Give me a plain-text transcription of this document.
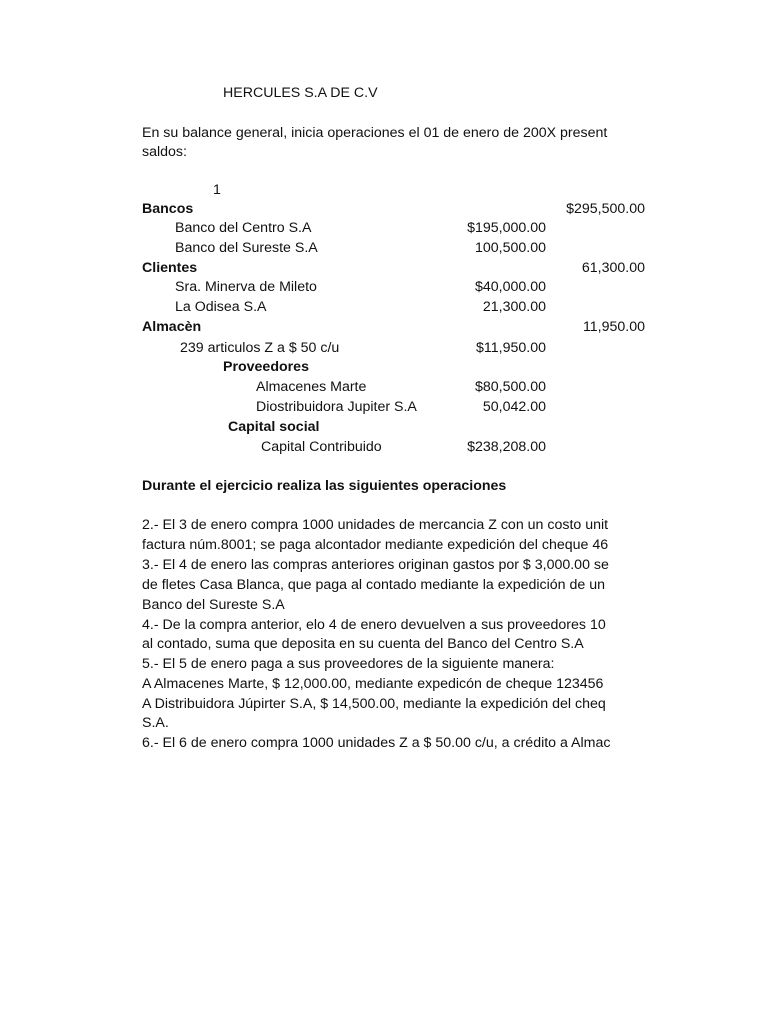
HERCULES S.A DE C.V
En su balance general, inicia operaciones el 01 de enero de 200X present
saldos:
1
Bancos	$295,500.00
Banco del Centro S.A	$195,000.00
Banco del Sureste S.A	100,500.00
Clientes	61,300.00
Sra. Minerva de Mileto	$40,000.00
La Odisea S.A	21,300.00
Almacèn	11,950.00
239 articulos Z a $ 50 c/u	$11,950.00
Proveedores
Almacenes Marte	$80,500.00
Diostribuidora Jupiter S.A	50,042.00
Capital social
Capital Contribuido	$238,208.00
Durante el ejercicio realiza las siguientes operaciones
2.- El 3 de enero compra 1000 unidades de mercancia Z con un costo unit
factura núm.8001; se paga alcontador mediante expedición del cheque 46
3.- El 4 de enero las compras anteriores originan gastos por $ 3,000.00 se
de fletes Casa Blanca, que paga al contado mediante la expedición de un
Banco del Sureste S.A
4.- De la compra anterior, elo 4 de enero devuelven a sus proveedores 10
al contado, suma que deposita en su cuenta del Banco del Centro S.A
5.- El 5 de enero paga a sus proveedores de la siguiente manera:
A Almacenes Marte, $ 12,000.00, mediante expedicón de cheque 123456
A Distribuidora Júpirter S.A, $ 14,500.00, mediante la expedición del cheq
S.A.
6.- El 6 de enero compra 1000 unidades Z a $ 50.00 c/u, a crédito a Almac
